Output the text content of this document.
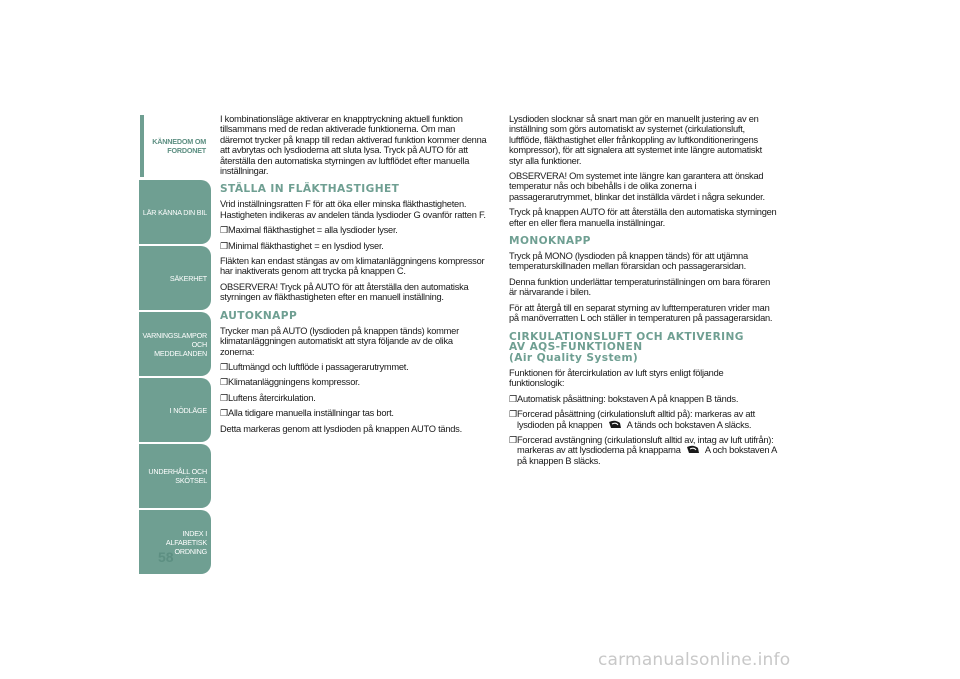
KÄNNEDOM OM FORDONET
LÄR KÄNNA DIN BIL
SÄKERHET
VARNINGSLAMPOR OCH MEDDELANDEN
I NÖDLÄGE
UNDERHÅLL OCH SKÖTSEL
INDEX I ALFABETISK ORDNING
58

I kombinationsläge aktiverar en knapptryckning aktuell funktion tillsammans med de redan aktiverade funktionerna. Om man däremot trycker på knapp till redan aktiverad funktion kommer denna att avbrytas och lysdioderna att sluta lysa. Tryck på AUTO för att återställa den automatiska styrningen av luftflödet efter manuella inställningar.

STÄLLA IN FLÄKTHASTIGHET

Vrid inställningsratten F för att öka eller minska fläkthastigheten. Hastigheten indikeras av andelen tända lysdioder G ovanför ratten F.

❐ Maximal fläkthastighet = alla lysdioder lyser.
❐ Minimal fläkthastighet = en lysdiod lyser.

Fläkten kan endast stängas av om klimatanläggningens kompressor har inaktiverats genom att trycka på knappen C.

OBSERVERA! Tryck på AUTO för att återställa den automatiska styrningen av fläkthastigheten efter en manuell inställning.

AUTOKNAPP

Trycker man på AUTO (lysdioden på knappen tänds) kommer klimatanläggningen automatiskt att styra följande av de olika zonerna:

❐ Luftmängd och luftflöde i passagerarutrymmet.
❐ Klimatanläggningens kompressor.
❐ Luftens återcirkulation.
❐ Alla tidigare manuella inställningar tas bort.

Detta markeras genom att lysdioden på knappen AUTO tänds.

Lysdioden slocknar så snart man gör en manuellt justering av en inställning som görs automatiskt av systemet (cirkulationsluft, luftflöde, fläkthastighet eller frånkoppling av luftkonditioneringens kompressor), för att signalera att systemet inte längre automatiskt styr alla funktioner.

OBSERVERA! Om systemet inte längre kan garantera att önskad temperatur nås och bibehålls i de olika zonerna i passagerarutrymmet, blinkar det inställda värdet i några sekunder.

Tryck på knappen AUTO för att återställa den automatiska styrningen efter en eller flera manuella inställningar.

MONOKNAPP

Tryck på MONO (lysdioden på knappen tänds) för att utjämna temperaturskillnaden mellan förarsidan och passagerarsidan.

Denna funktion underlättar temperaturinställningen om bara föraren är närvarande i bilen.

För att återgå till en separat styrning av lufttemperaturen vrider man på manöverratten L och ställer in temperaturen på passagerarsidan.

CIRKULATIONSLUFT OCH AKTIVERING
AV AQS-FUNKTIONEN
(Air Quality System)

Funktionen för återcirkulation av luft styrs enligt följande funktionslogik:

❐ Automatisk påsättning: bokstaven A på knappen B tänds.
❐ Forcerad påsättning (cirkulationsluft alltid på): markeras av att lysdioden på knappen	A tänds och bokstaven A släcks.
❐ Forcerad avstängning (cirkulationsluft alltid av, intag av luft utifrån): markeras av att lysdioderna på knapparna	A och bokstaven A på knappen B släcks.
carmanualsonline.info
